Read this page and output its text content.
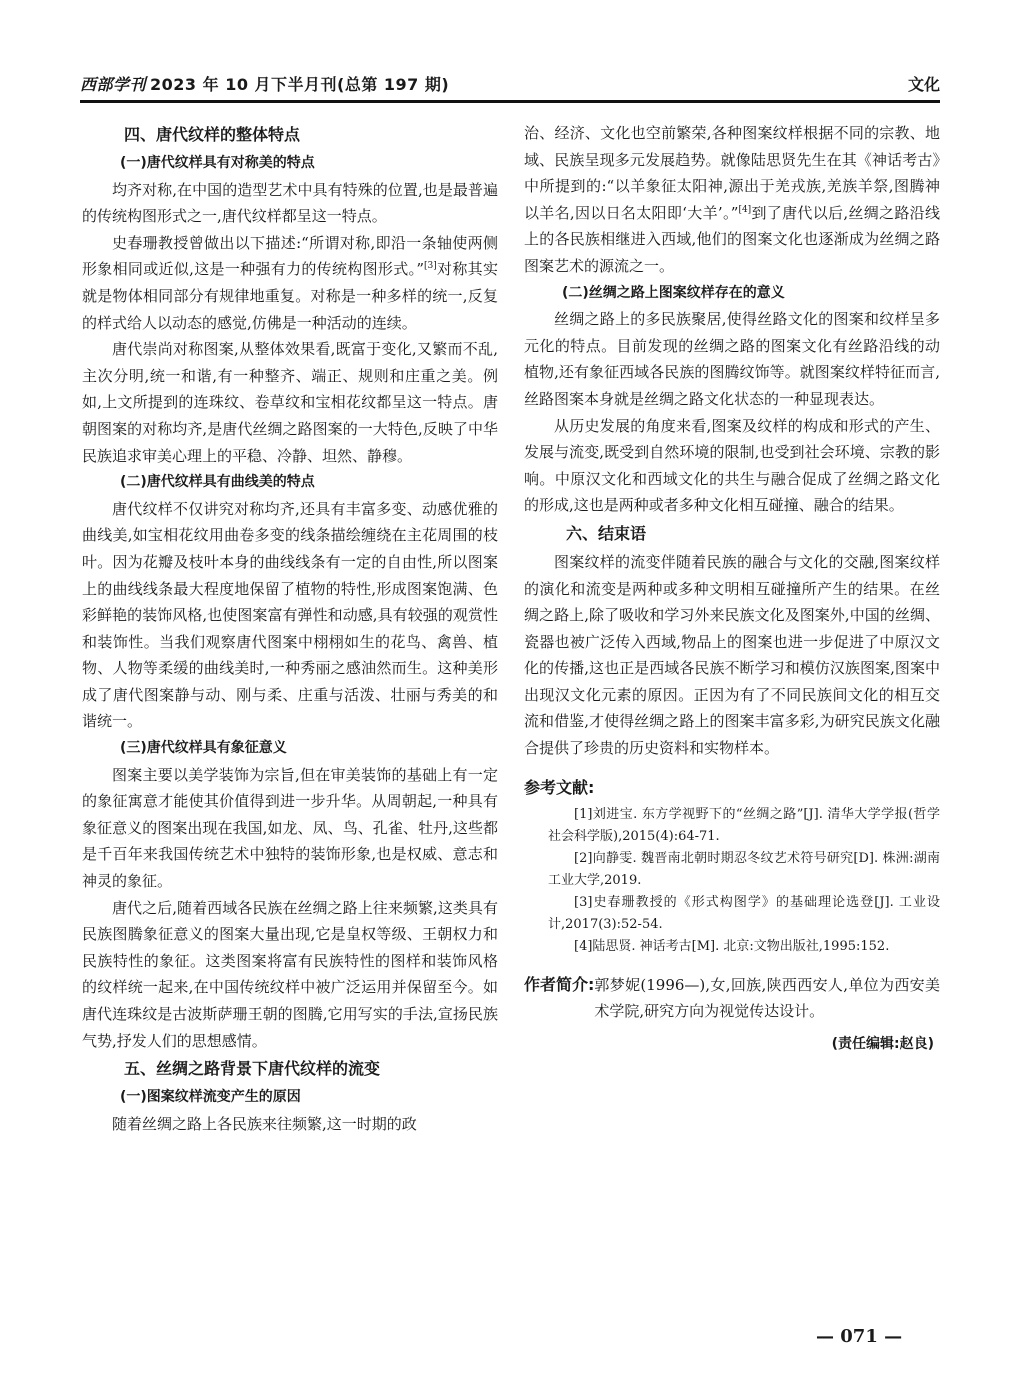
西部学刊 2023 年 10 月下半月刊(总第 197 期)	文化
四、唐代纹样的整体特点
(一)唐代纹样具有对称美的特点

均齐对称,在中国的造型艺术中具有特殊的位置,也是最普遍的传统构图形式之一,唐代纹样都呈这一特点。

史春珊教授曾做出以下描述:“所谓对称,即沿一条轴使两侧形象相同或近似,这是一种强有力的传统构图形式。”[3]对称其实就是物体相同部分有规律地重复。对称是一种多样的统一,反复的样式给人以动态的感觉,仿佛是一种活动的连续。

唐代崇尚对称图案,从整体效果看,既富于变化,又繁而不乱,主次分明,统一和谐,有一种整齐、端正、规则和庄重之美。例如,上文所提到的连珠纹、卷草纹和宝相花纹都呈这一特点。唐朝图案的对称均齐,是唐代丝绸之路图案的一大特色,反映了中华民族追求审美心理上的平稳、冷静、坦然、静穆。

(二)唐代纹样具有曲线美的特点

唐代纹样不仅讲究对称均齐,还具有丰富多变、动感优雅的曲线美,如宝相花纹用曲卷多变的线条描绘缠绕在主花周围的枝叶。因为花瓣及枝叶本身的曲线线条有一定的自由性,所以图案上的曲线线条最大程度地保留了植物的特性,形成图案饱满、色彩鲜艳的装饰风格,也使图案富有弹性和动感,具有较强的观赏性和装饰性。当我们观察唐代图案中栩栩如生的花鸟、禽兽、植物、人物等柔缓的曲线美时,一种秀丽之感油然而生。这种美形成了唐代图案静与动、刚与柔、庄重与活泼、壮丽与秀美的和谐统一。

(三)唐代纹样具有象征意义

图案主要以美学装饰为宗旨,但在审美装饰的基础上有一定的象征寓意才能使其价值得到进一步升华。从周朝起,一种具有象征意义的图案出现在我国,如龙、凤、鸟、孔雀、牡丹,这些都是千百年来我国传统艺术中独特的装饰形象,也是权威、意志和神灵的象征。

唐代之后,随着西域各民族在丝绸之路上往来频繁,这类具有民族图腾象征意义的图案大量出现,它是皇权等级、王朝权力和民族特性的象征。这类图案将富有民族特性的图样和装饰风格的纹样统一起来,在中国传统纹样中被广泛运用并保留至今。如唐代连珠纹是古波斯萨珊王朝的图腾,它用写实的手法,宣扬民族气势,抒发人们的思想感情。

五、丝绸之路背景下唐代纹样的流变
(一)图案纹样流变产生的原因

随着丝绸之路上各民族来往频繁,这一时期的政

治、经济、文化也空前繁荣,各种图案纹样根据不同的宗教、地域、民族呈现多元发展趋势。就像陆思贤先生在其《神话考古》中所提到的:“以羊象征太阳神,源出于羌戎族,羌族羊祭,图腾神以羊名,因以日名太阳即‘大羊’。”[4]到了唐代以后,丝绸之路沿线上的各民族相继进入西域,他们的图案文化也逐渐成为丝绸之路图案艺术的源流之一。

(二)丝绸之路上图案纹样存在的意义

丝绸之路上的多民族聚居,使得丝路文化的图案和纹样呈多元化的特点。目前发现的丝绸之路的图案文化有丝路沿线的动植物,还有象征西域各民族的图腾纹饰等。就图案纹样特征而言,丝路图案本身就是丝绸之路文化状态的一种显现表达。

从历史发展的角度来看,图案及纹样的构成和形式的产生、发展与流变,既受到自然环境的限制,也受到社会环境、宗教的影响。中原汉文化和西域文化的共生与融合促成了丝绸之路文化的形成,这也是两种或者多种文化相互碰撞、融合的结果。

六、结束语

图案纹样的流变伴随着民族的融合与文化的交融,图案纹样的演化和流变是两种或多种文明相互碰撞所产生的结果。在丝绸之路上,除了吸收和学习外来民族文化及图案外,中国的丝绸、瓷器也被广泛传入西域,物品上的图案也进一步促进了中原汉文化的传播,这也正是西域各民族不断学习和模仿汉族图案,图案中出现汉文化元素的原因。正因为有了不同民族间文化的相互交流和借鉴,才使得丝绸之路上的图案丰富多彩,为研究民族文化融合提供了珍贵的历史资料和实物样本。

参考文献:

[1]刘进宝. 东方学视野下的“丝绸之路”[J]. 清华大学学报(哲学社会科学版),2015(4):64-71.

[2]向静雯. 魏晋南北朝时期忍冬纹艺术符号研究[D]. 株洲:湖南工业大学,2019.

[3]史春珊教授的《形式构图学》的基础理论选登[J]. 工业设计,2017(3):52-54.

[4]陆思贤. 神话考古[M]. 北京:文物出版社,1995:152.

作者简介: 郭梦妮(1996—),女,回族,陕西西安人,单位为西安美术学院,研究方向为视觉传达设计。
(责任编辑:赵良)
— 071 —
